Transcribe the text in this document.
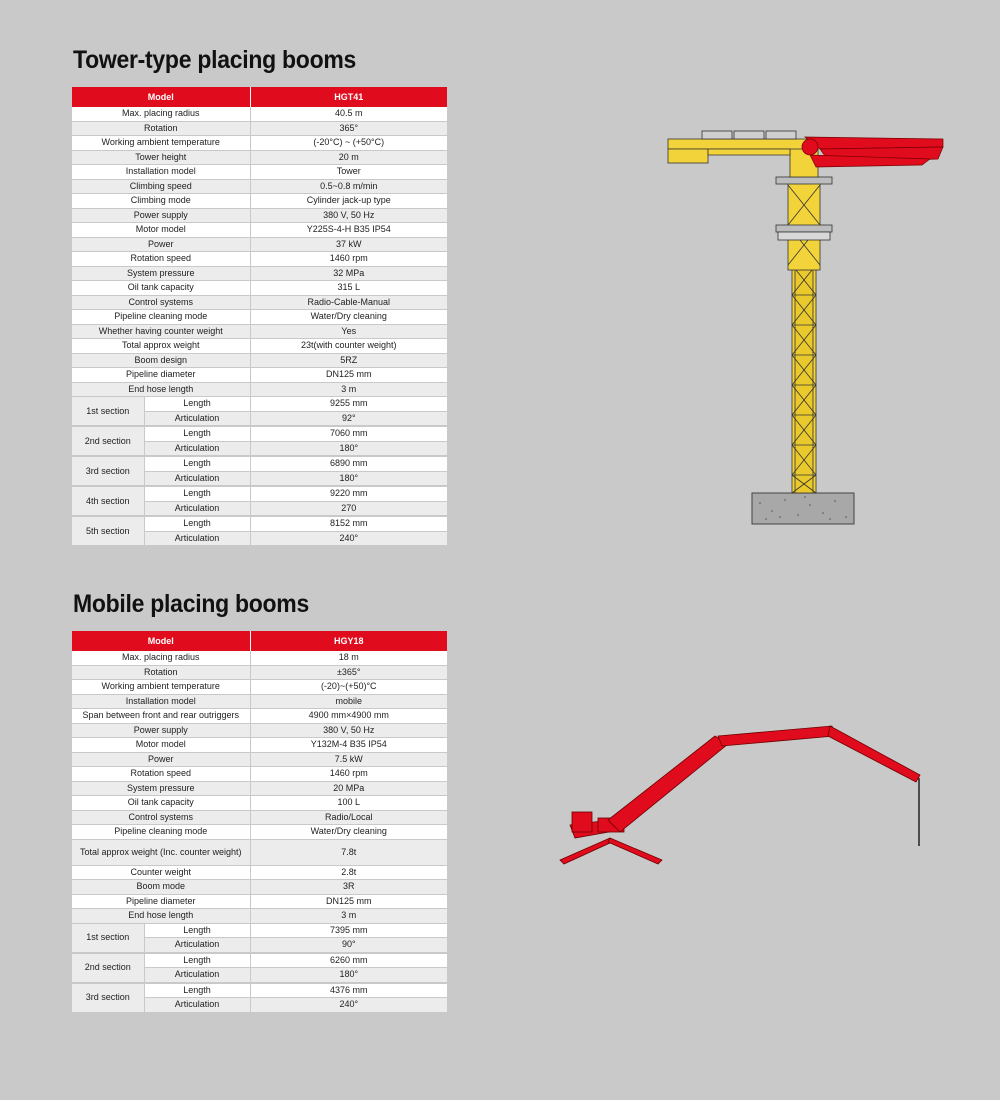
Tower-type placing booms
Model	HGT41
Max. placing radius	40.5 m
Rotation	365°
Working ambient temperature	(-20°C) ~ (+50°C)
Tower height	20 m
Installation model	Tower
Climbing speed	0.5~0.8 m/min
Climbing mode	Cylinder jack-up type
Power supply	380 V, 50 Hz
Motor model	Y225S-4-H B35 IP54
Power	37 kW
Rotation speed	1460 rpm
System pressure	32 MPa
Oil tank capacity	315 L
Control systems	Radio-Cable-Manual
Pipeline cleaning mode	Water/Dry cleaning
Whether having counter weight	Yes
Total approx weight	23t(with counter weight)
Boom design	5RZ
Pipeline diameter	DN125 mm
End hose length	3 m

1st section	Length	9255 mm
Articulation	92°

2nd section	Length	7060 mm
Articulation	180°

3rd section	Length	6890 mm
Articulation	180°

4th section	Length	9220 mm
Articulation	270

5th section	Length	8152 mm
Articulation	240°
Mobile placing booms
Model	HGY18
Max. placing radius	18 m
Rotation	±365°
Working ambient temperature	(-20)~(+50)°C
Installation model	mobile
Span between front and rear outriggers	4900 mm×4900 mm
Power supply	380 V, 50 Hz
Motor model	Y132M-4 B35 IP54
Power	7.5 kW
Rotation speed	1460 rpm
System pressure	20 MPa
Oil tank capacity	100 L
Control systems	Radio/Local
Pipeline cleaning mode	Water/Dry cleaning
Total approx weight (Inc. counter weight)	7.8t
Counter weight	2.8t
Boom mode	3R
Pipeline diameter	DN125 mm
End hose length	3 m

1st section	Length	7395 mm
Articulation	90°

2nd section	Length	6260 mm
Articulation	180°

3rd section	Length	4376 mm
Articulation	240°
